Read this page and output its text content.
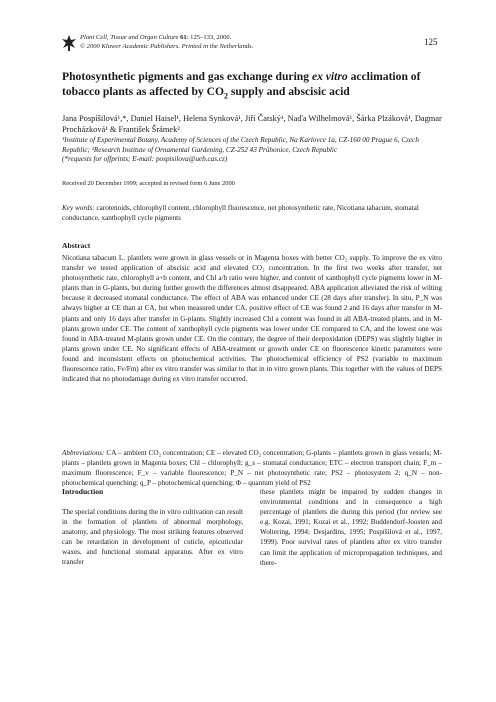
Plant Cell, Tissue and Organ Culture 61: 125–133, 2000.
© 2000 Kluwer Academic Publishers. Printed in the Netherlands.	125
Photosynthetic pigments and gas exchange during ex vitro acclimation of
tobacco plants as affected by $CO_2$ supply and abscisic acid
Jana Pospíšilová¹,*, Daniel Haisel¹, Helena Synková¹, Jiří Čatský¹, Naďa Wilhelmová¹, Šárka Plzáková¹, Dagmar Procházková¹ & František Šrámek²
¹Institute of Experimental Botany, Academy of Sciences of the Czech Republic, Na Karlovce 1a, CZ-160 00 Prague 6, Czech Republic; ²Research Institute of Ornamental Gardening, CZ-252 43 Průhonice, Czech Republic
(*requests for offprints; E-mail: pospisilova@ueb.cas.cz)
Received 20 December 1999; accepted in revised form 6 June 2000
Key words: carotenoids, chlorophyll content, chlorophyll fluorescence, net photosynthetic rate, Nicotiana tabacum, stomatal conductance, xanthophyll cycle pigments
Abstract

Nicotiana tabacum L. plantlets were grown in glass vessels or in Magenta boxes with better CO₂ supply. To improve the ex vitro transfer we tested application of abscisic acid and elevated CO₂ concentration. In the first two weeks after transfer, net photosynthetic rate, chlorophyll a+b content, and Chl a/b ratio were higher, and content of xanthophyll cycle pigments lower in M-plants than in G-plants, but during further growth the differences almost disappeared. ABA application alleviated the risk of wilting because it decreased stomatal conductance. The effect of ABA was enhanced under CE (28 days after transfer). In situ, P_N was always higher at CE than at CA, but when measured under CA, positive effect of CE was found 2 and 16 days after transfer in M-plants and only 16 days after transfer in G-plants. Slightly increased Chl a content was found in all ABA-treated plants, and in M-plants grown under CE. The content of xanthophyll cycle pigments was lower under CE compared to CA, and the lowest one was found in ABA-treated M-plants grown under CE. On the contrary, the degree of their deepoxidation (DEPS) was slightly higher in plants grown under CE. No significant effects of ABA-treatment or growth under CE on fluorescence kinetic parameters were found and inconsistent effects on photochemical activities. The photochemical efficiency of PS2 (variable to maximum fluorescence ratio, Fv/Fm) after ex vitro transfer was similar to that in in vitro grown plants. This together with the values of DEPS indicated that no photodamage during ex vitro transfer occurred.

Abbreviations: CA – ambient CO₂ concentration; CE – elevated CO₂ concentration; G-plants – plantlets grown in glass vessels; M-plants – plantlets grown in Magenta boxes; Chl – chlorophyll; g_s – stomatal conductance; ETC – electron transport chain; F_m – maximum fluorescence; F_v – variable fluorescence; P_N – net photosynthetic rate; PS2 – photosystem 2; q_N – non-photochemical quenching; q_P – photochemical quenching; Φ – quantum yield of PS2
Introduction

The special conditions during the in vitro cultivation can result in the formation of plantlets of abnormal morphology, anatomy, and physiology. The most striking features observed can be retardation in development of cuticle, epicuticular waxes, and functional stomatal apparatus. After ex vitro transfer

these plantlets might be impaired by sudden changes in environmental conditions and in consequence a high percentage of plantlets die during this period (for review see e.g. Kozai, 1991; Kozai et al., 1992; Buddendorf-Joosten and Woltering, 1994; Desjardins, 1995; Pospíšilová et al., 1997, 1999). Poor survival rates of plantlets after ex vitro transfer can limit the application of micropropagation techniques, and there-
